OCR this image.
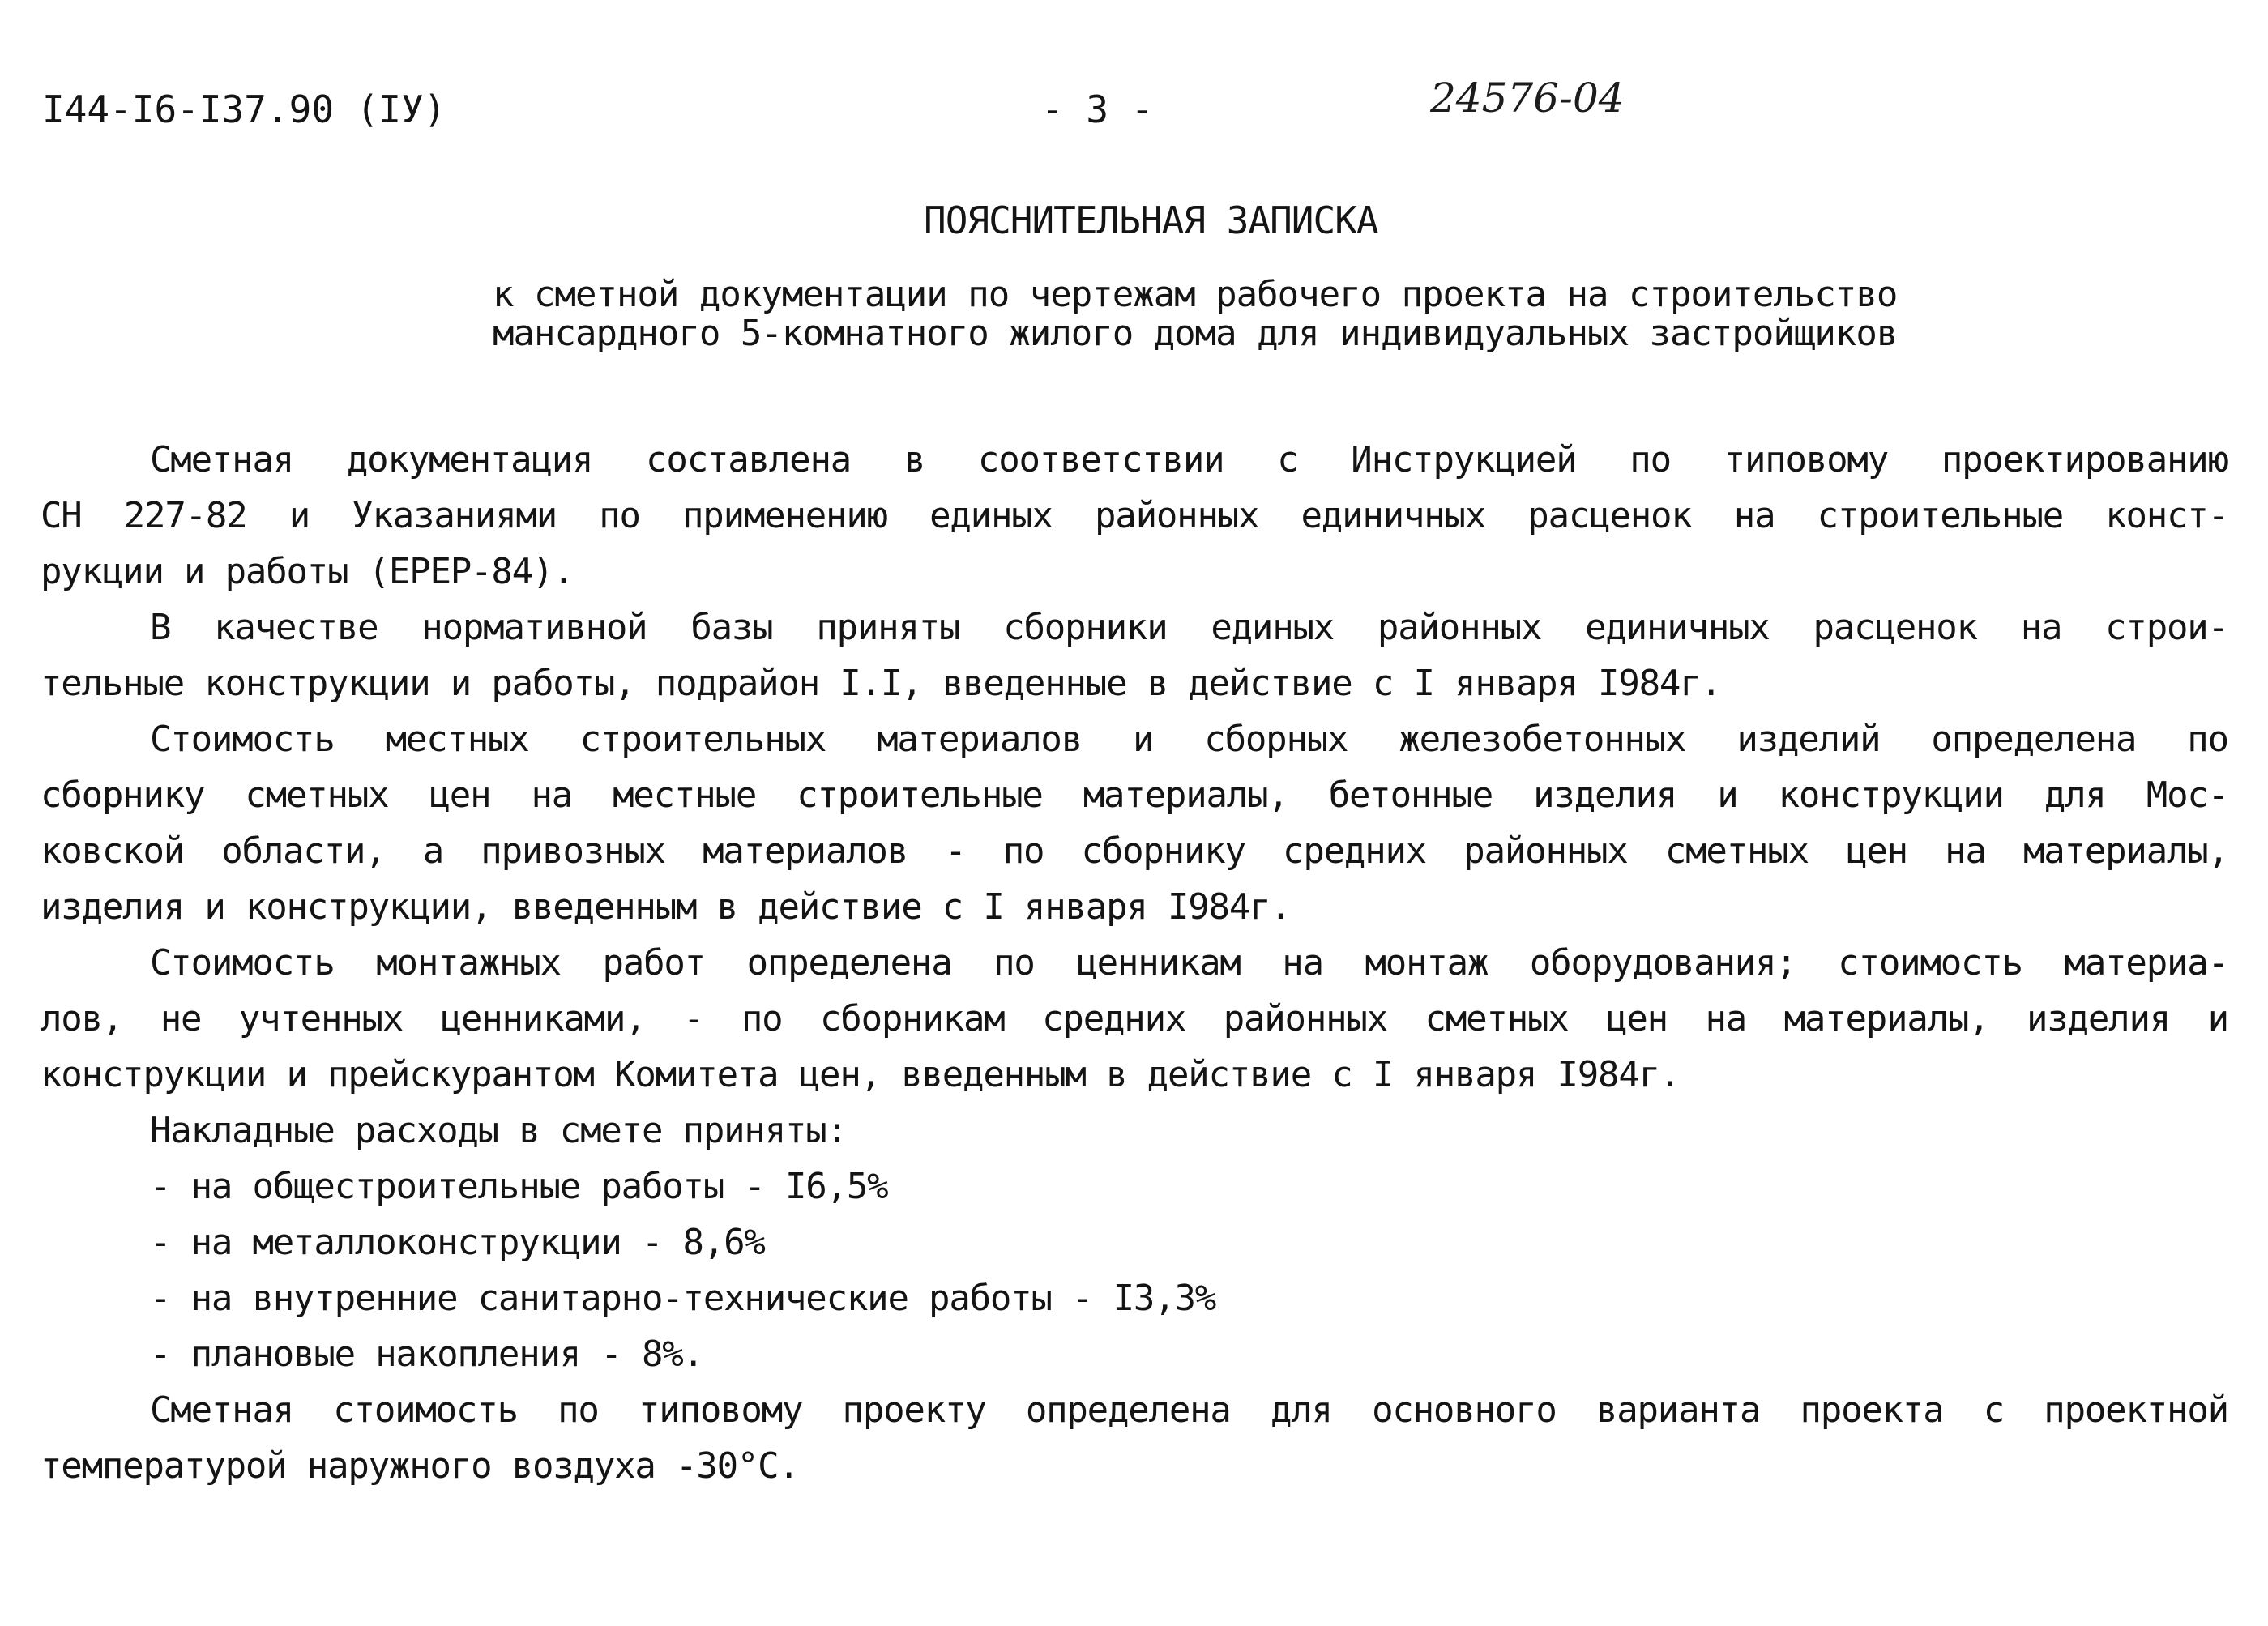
I44-I6-I37.90 (IУ)	- 3 -	24576-04
ПОЯСНИТЕЛЬНАЯ ЗАПИСКА
к сметной документации по чертежам рабочего проекта на строительство
мансардного 5-комнатного жилого дома для индивидуальных застройщиков
Сметная документация составлена в соответствии с Инструкцией по типовому проектированию
СН 227-82 и Указаниями по применению единых районных единичных расценок на строительные конст-
рукции и работы (ЕРЕР-84).
В качестве нормативной базы приняты сборники единых районных единичных расценок на строи-
тельные конструкции и работы, подрайон I.I, введенные в действие с I января I984г.
Стоимость местных строительных материалов и сборных железобетонных изделий определена по
сборнику сметных цен на местные строительные материалы, бетонные изделия и конструкции для Мос-
ковской области, а привозных материалов - по сборнику средних районных сметных цен на материалы,
изделия и конструкции, введенным в действие с I января I984г.
Стоимость монтажных работ определена по ценникам на монтаж оборудования; стоимость материа-
лов, не учтенных ценниками, - по сборникам средних районных сметных цен на материалы, изделия и
конструкции и прейскурантом Комитета цен, введенным в действие с I января I984г.
Накладные расходы в смете приняты:
- на общестроительные работы - I6,5%
- на металлоконструкции - 8,6%
- на внутренние санитарно-технические работы - I3,3%
- плановые накопления - 8%.
Сметная стоимость по типовому проекту определена для основного варианта проекта с проектной
температурой наружного воздуха -30°С.
